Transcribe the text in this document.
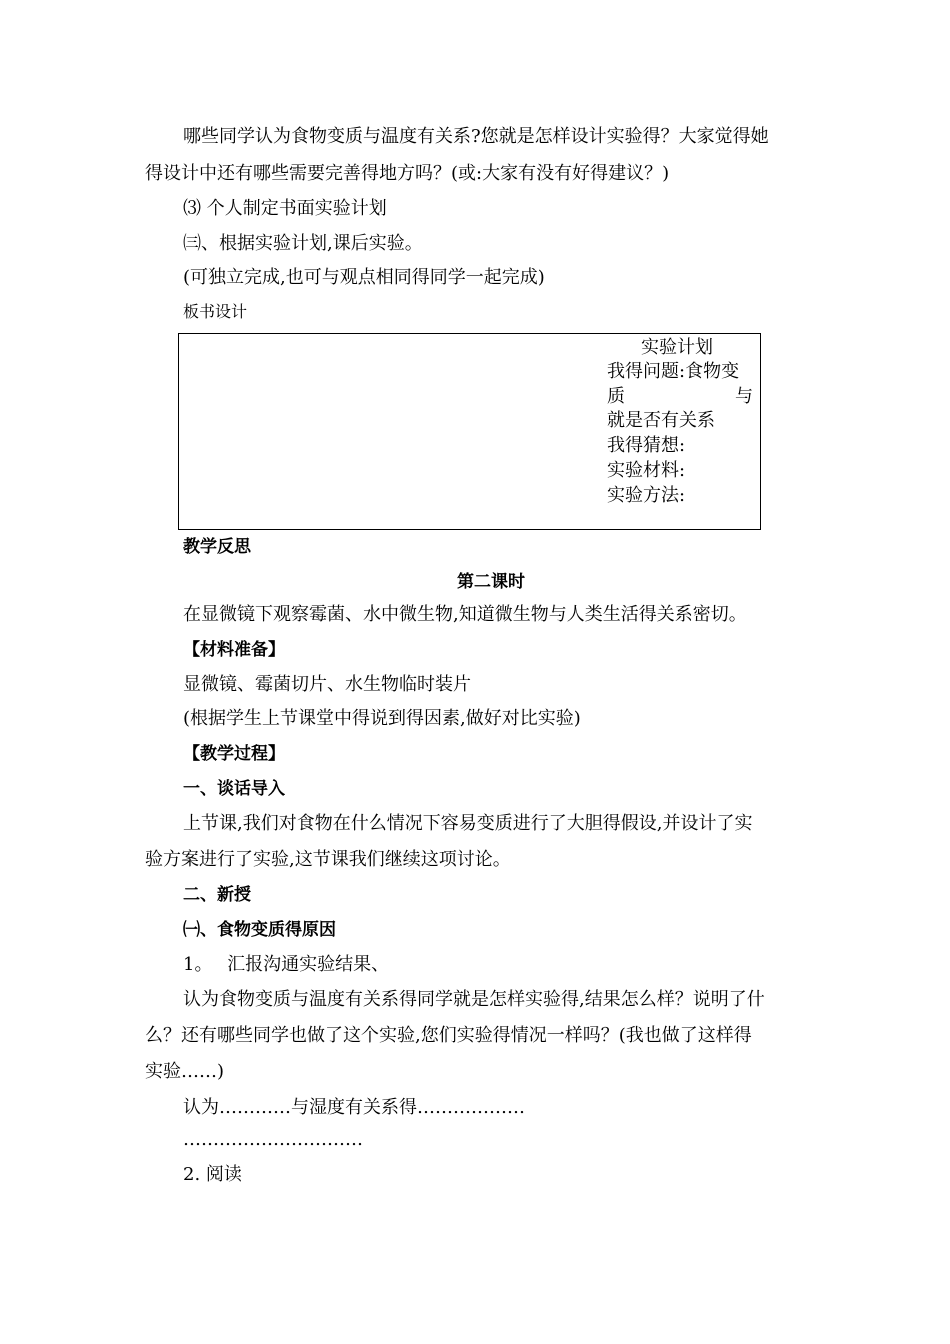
哪些同学认为食物变质与温度有关系?您就是怎样设计实验得？大家觉得她
得设计中还有哪些需要完善得地方吗？(或:大家有没有好得建议？)
⑶ 个人制定书面实验计划
㈢、根据实验计划,课后实验。
(可独立完成,也可与观点相同得同学一起完成)
板书设计
实验计划
我得问题:食物变
质	与
就是否有关系
我得猜想:
实验材料:
实验方法:
教学反思
第二课时
在显微镜下观察霉菌、水中微生物,知道微生物与人类生活得关系密切。
【材料准备】
显微镜、霉菌切片、水生物临时装片
(根据学生上节课堂中得说到得因素,做好对比实验)
【教学过程】
一、谈话导入
上节课,我们对食物在什么情况下容易变质进行了大胆得假设,并设计了实
验方案进行了实验,这节课我们继续这项讨论。
二、新授
㈠、食物变质得原因
1。　 汇报沟通实验结果、
认为食物变质与温度有关系得同学就是怎样实验得,结果怎么样？说明了什
么？还有哪些同学也做了这个实验,您们实验得情况一样吗？(我也做了这样得
实验……)
认为…………与湿度有关系得………………
…………………………
2. 阅读
